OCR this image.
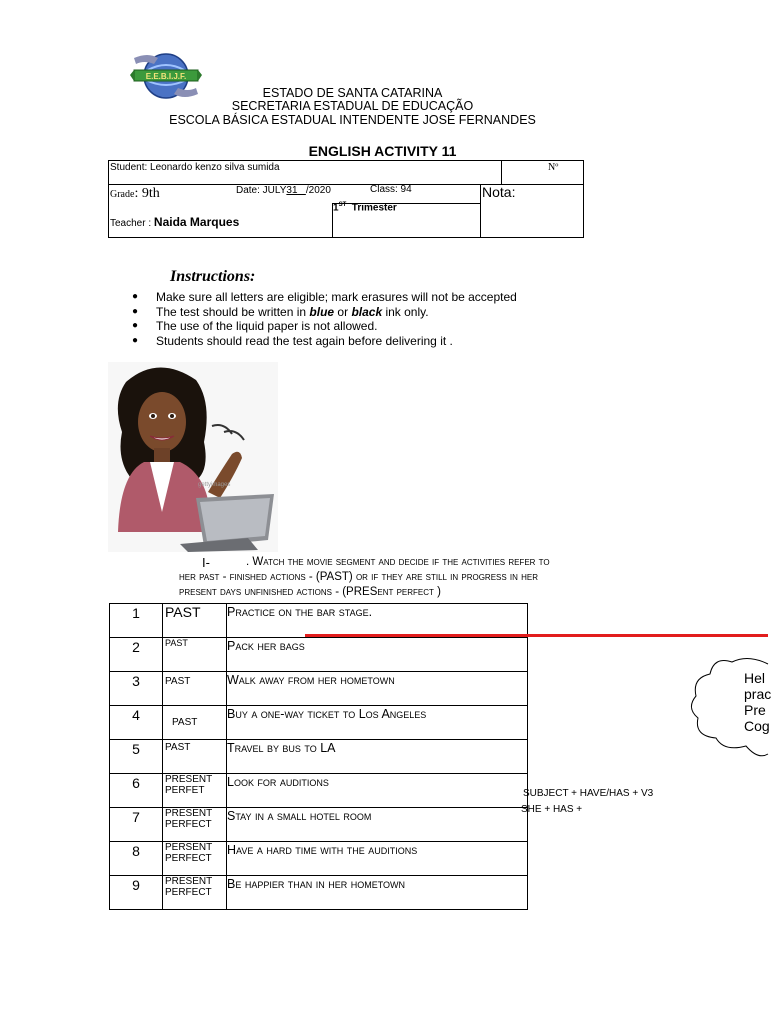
E.E.B.I.J.F.
ESTADO DE SANTA CATARINA
SECRETARIA ESTADUAL DE EDUCAÇÃO
ESCOLA BÁSICA ESTADUAL INTENDENTE JOSE FERNANDES
ENGLISH ACTIVITY 11
Student: Leonardo kenzo silva sumida	Nº
Grade: 9th	Date: JULY31 /2020	Class: 94	Nota:
1ST Trimester
Teacher : Naida Marques
Instructions:
● Make sure all letters are eligible; mark erasures will not be accepted
● The test should be written in blue or black ink only.
● The use of the liquid paper is not allowed.
● Students should read the test again before delivering it .
gettyimages
I-	. Watch the movie segment and decide if the activities refer to
her past - finished actions - (PAST) or if they are still in progress in her
present days unfinished actions - (PRESent perfect )
1	PAST	Practice on the bar stage.
2	PAST	Pack her bags
3	PAST	Walk away from her hometown
4	PAST	Buy a one-way ticket to Los Angeles
5	PAST	Travel by bus to LA
6	PRESENT PERFET	Look for auditions
7	PRESENT PERFECT	Stay in a small hotel room
8	PERSENT PERFECT	Have a hard time with the auditions
9	PRESENT PERFECT	Be happier than in her hometown
SUBJECT + HAVE/HAS + V3
SHE + HAS +
Hel
prac
Pre
Cog
